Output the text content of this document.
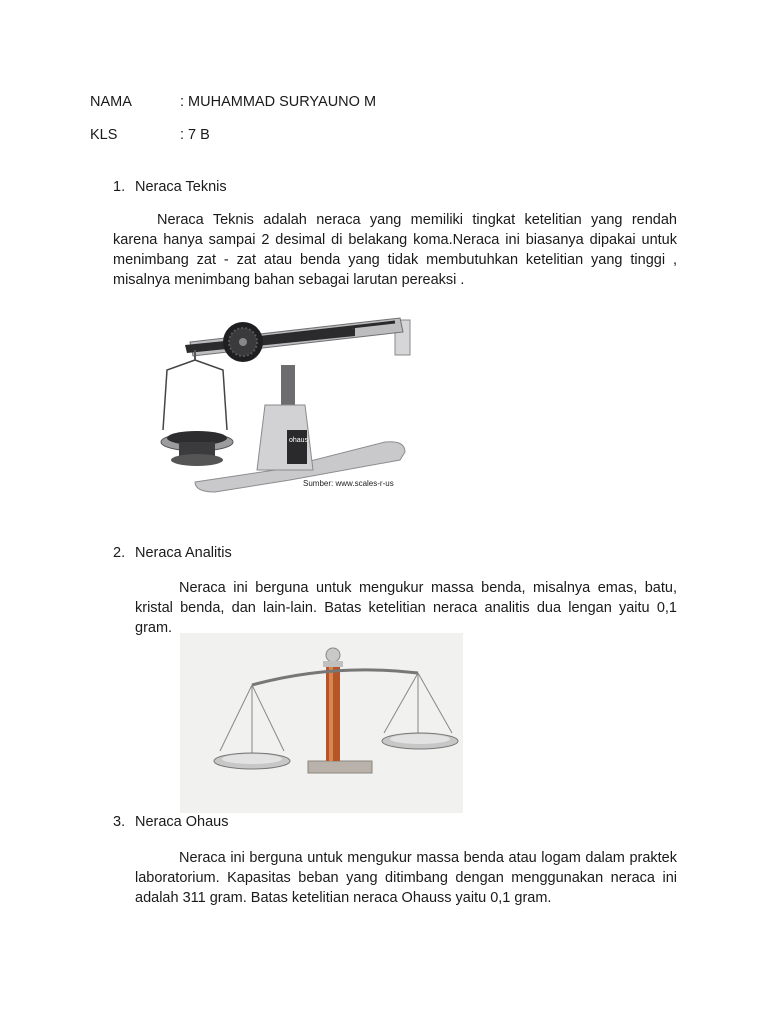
NAMA	: MUHAMMAD SURYAUNO M
KLS	: 7 B
1. Neraca Teknis

Neraca Teknis adalah neraca yang memiliki tingkat ketelitian yang rendah karena hanya sampai 2 desimal di belakang koma.Neraca ini biasanya dipakai untuk menimbang zat - zat atau benda yang tidak membutuhkan ketelitian yang tinggi , misalnya menimbang bahan sebagai larutan pereaksi .

ohaus
Sumber: www.scales-r-us
2. Neraca Analitis

Neraca ini berguna untuk mengukur massa benda, misalnya emas, batu, kristal benda, dan lain-lain. Batas ketelitian neraca analitis dua lengan yaitu 0,1 gram.

3. Neraca Ohaus

Neraca ini berguna untuk mengukur massa benda atau logam dalam praktek laboratorium. Kapasitas beban yang ditimbang dengan menggunakan neraca ini adalah 311 gram. Batas ketelitian neraca Ohauss yaitu 0,1 gram.
